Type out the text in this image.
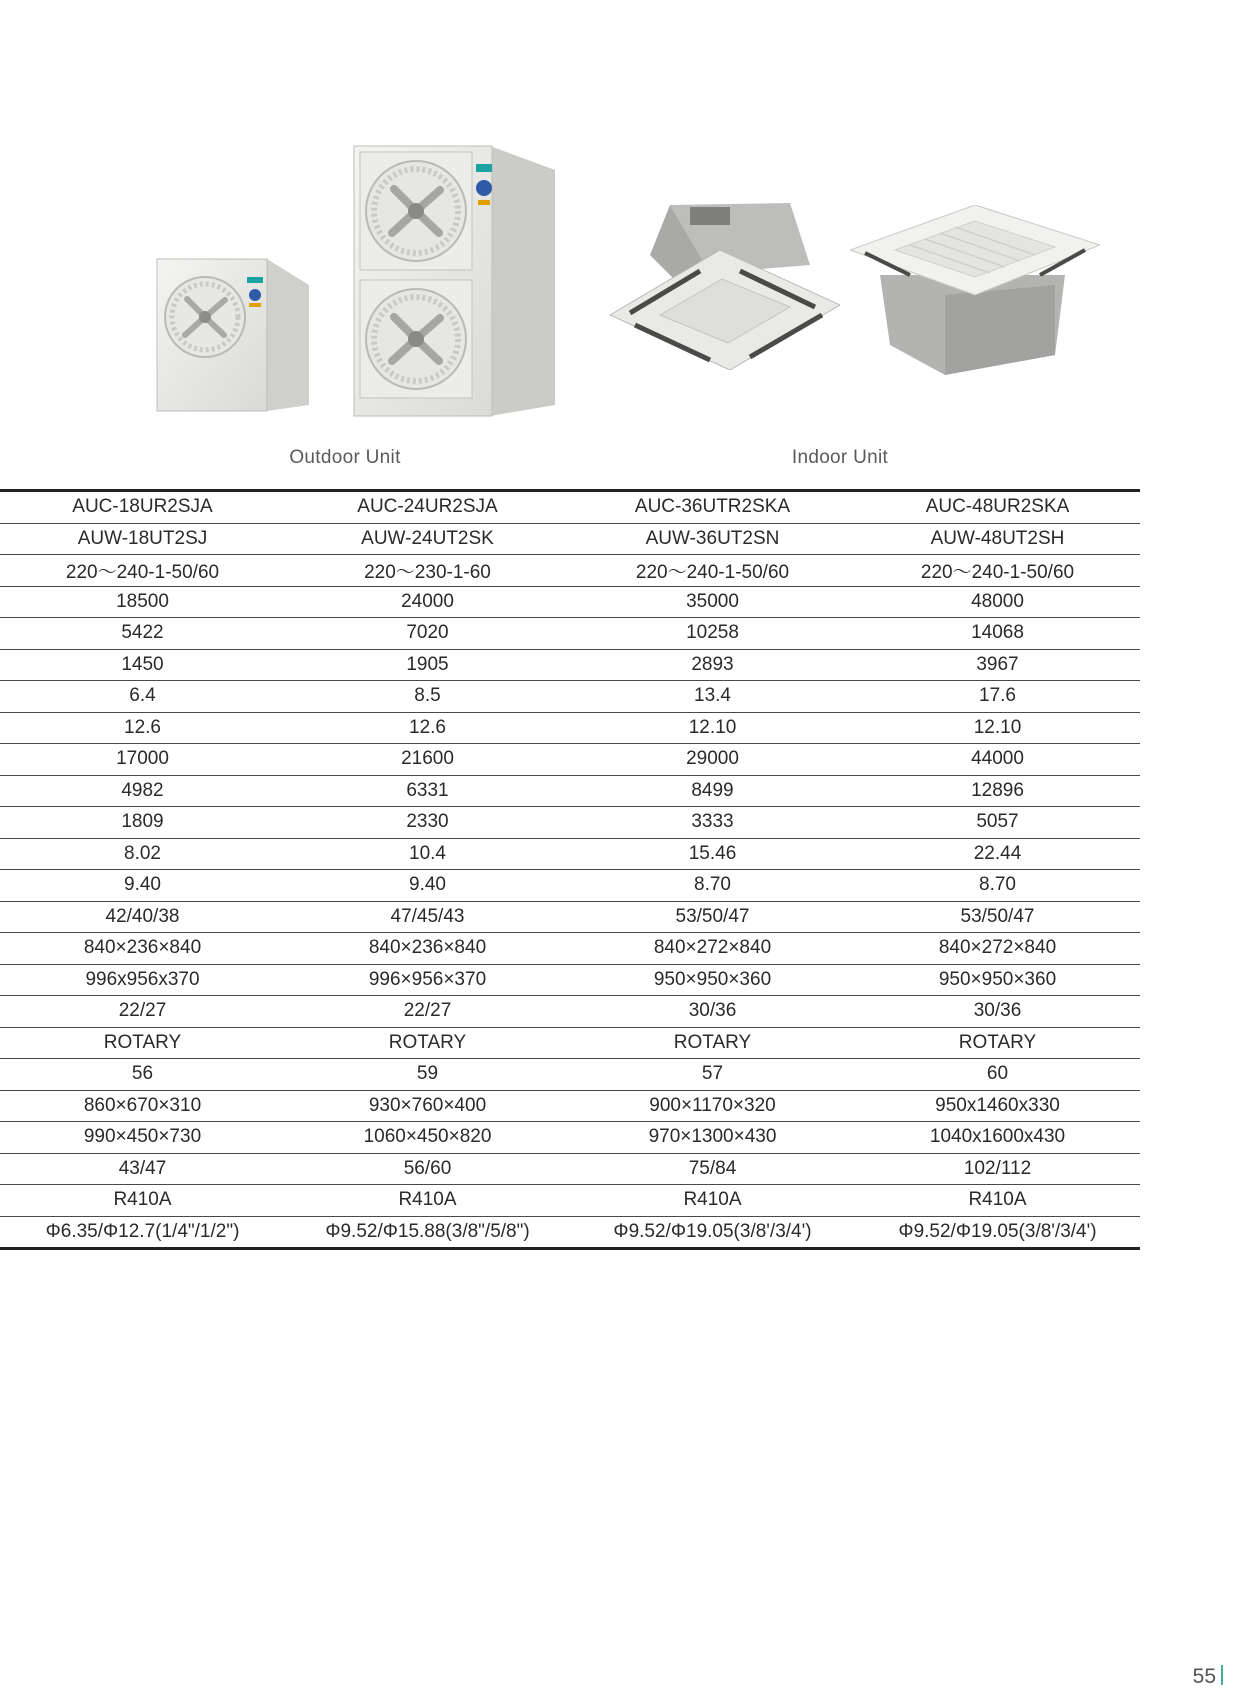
Outdoor Unit	Indoor Unit
AUC-18UR2SJA	AUC-24UR2SJA	AUC-36UTR2SKA	AUC-48UR2SKA
AUW-18UT2SJ	AUW-24UT2SK	AUW-36UT2SN	AUW-48UT2SH
220～240-1-50/60	220～230-1-60	220～240-1-50/60	220～240-1-50/60
18500	24000	35000	48000
5422	7020	10258	14068
1450	1905	2893	3967
6.4	8.5	13.4	17.6
12.6	12.6	12.10	12.10
17000	21600	29000	44000
4982	6331	8499	12896
1809	2330	3333	5057
8.02	10.4	15.46	22.44
9.40	9.40	8.70	8.70
42/40/38	47/45/43	53/50/47	53/50/47
840×236×840	840×236×840	840×272×840	840×272×840
996x956x370	996×956×370	950×950×360	950×950×360
22/27	22/27	30/36	30/36
ROTARY	ROTARY	ROTARY	ROTARY
56	59	57	60
860×670×310	930×760×400	900×1170×320	950x1460x330
990×450×730	1060×450×820	970×1300×430	1040x1600x430
43/47	56/60	75/84	102/112
R410A	R410A	R410A	R410A
Φ6.35/Φ12.7(1/4"/1/2")	Φ9.52/Φ15.88(3/8"/5/8")	Φ9.52/Φ19.05(3/8'/3/4')	Φ9.52/Φ19.05(3/8'/3/4')
55
